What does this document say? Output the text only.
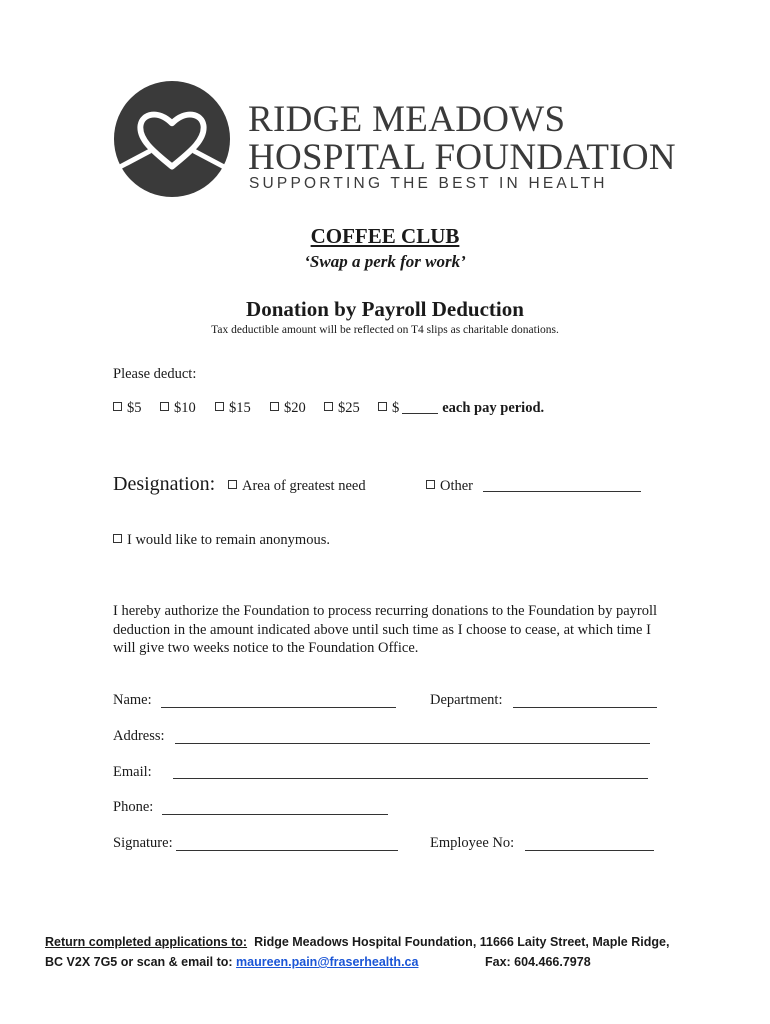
RIDGE MEADOWS
HOSPITAL FOUNDATION
SUPPORTING THE BEST IN HEALTH
COFFEE CLUB
‘Swap a perk for work’
Donation by Payroll Deduction
Tax deductible amount will be reflected on T4 slips as charitable donations.
Please deduct:
$5	$10	$15	$20	$25	$	each pay period.
Designation:	Area of greatest need	Other
I would like to remain anonymous.
I hereby authorize the Foundation to process recurring donations to the Foundation by payroll deduction in the amount indicated above until such time as I choose to cease, at which time I will give two weeks notice to the Foundation Office.
Name:	Department:
Address:
Email:
Phone:
Signature:	Employee No:
Return completed applications to: Ridge Meadows Hospital Foundation, 11666 Laity Street, Maple Ridge,
BC V2X 7G5 or scan & email to: maureen.pain@fraserhealth.ca	Fax: 604.466.7978
